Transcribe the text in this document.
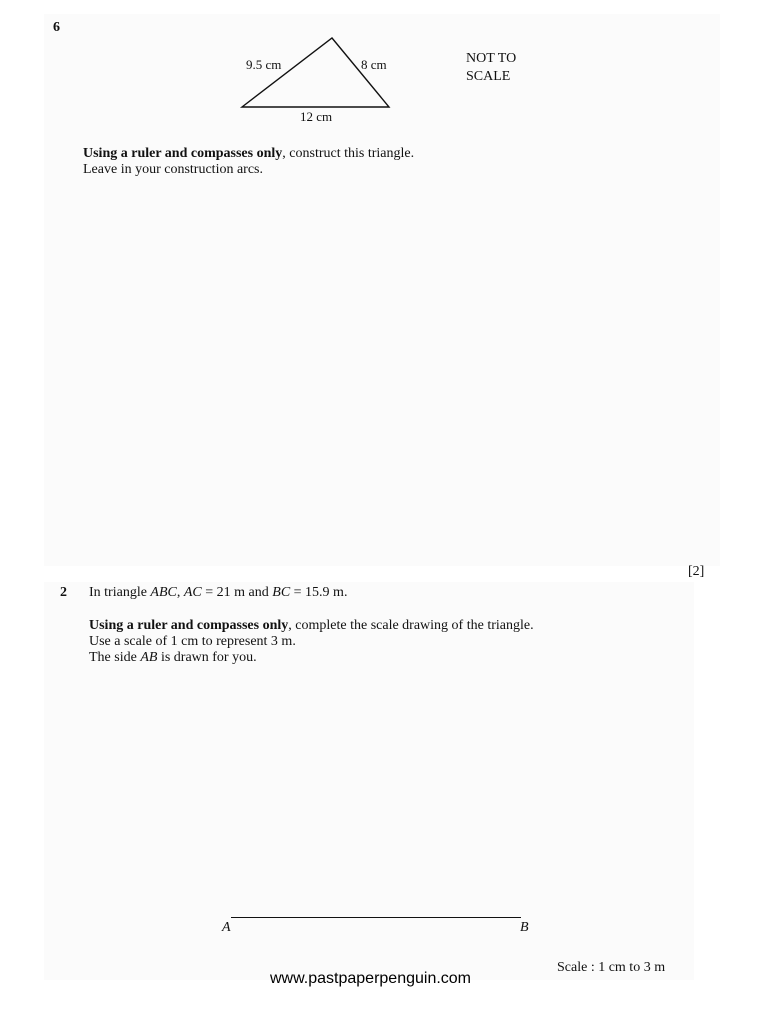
6
9.5 cm	8 cm
12 cm
NOT TO
SCALE
Using a ruler and compasses only, construct this triangle.
Leave in your construction arcs.
[2]
2 In triangle ABC, AC = 21 m and BC = 15.9 m.
Using a ruler and compasses only, complete the scale drawing of the triangle.
Use a scale of 1 cm to represent 3 m.
The side AB is drawn for you.
A	B
Scale : 1 cm to 3 m
www.pastpaperpenguin.com
